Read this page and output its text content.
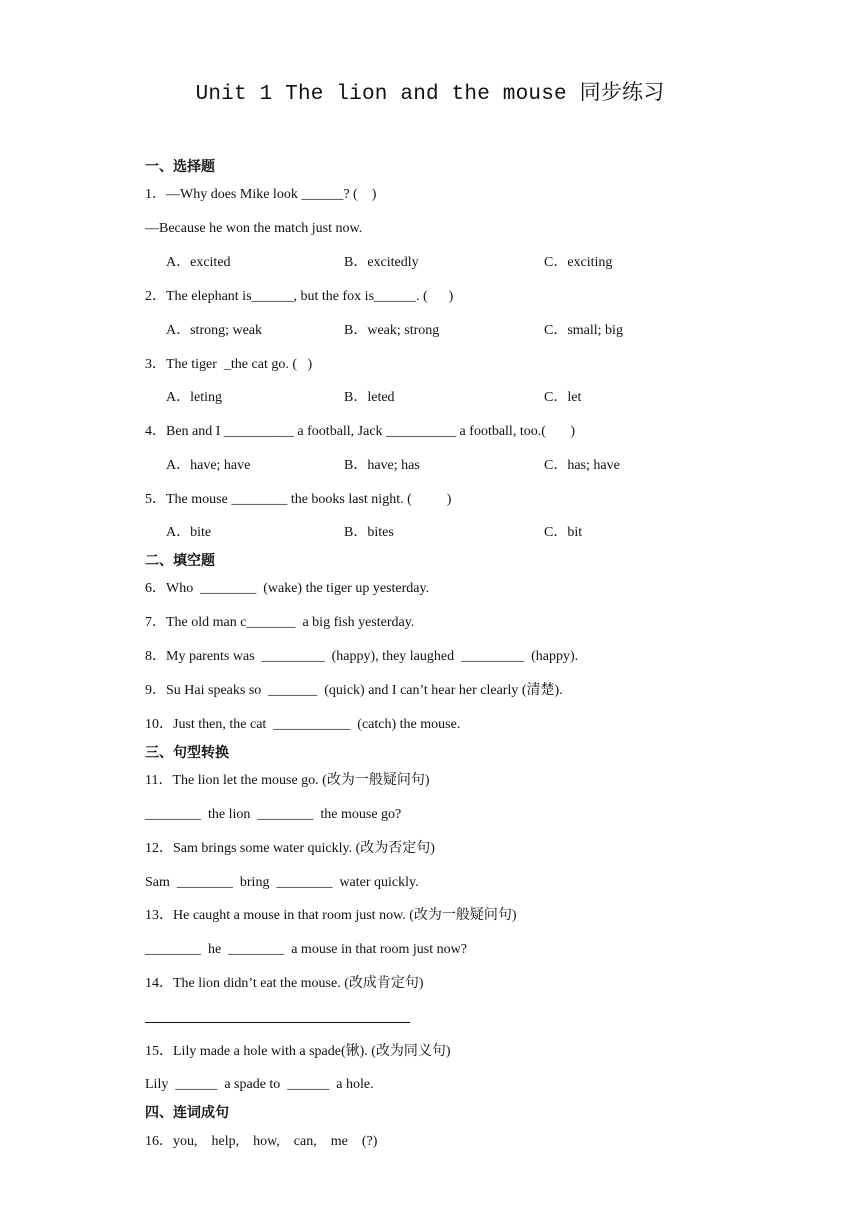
Unit 1 The lion and the mouse 同步练习
一、选择题
1．—Why does Mike look ______? (    )
—Because he won the match just now.
A．excited	B．excitedly	C．exciting
2．The elephant is______, but the fox is______. (      )
A．strong; weak	B．weak; strong	C．small; big
3．The tiger  _the cat go. (   )
A．leting	B．leted	C．let
4．Ben and I __________ a football, Jack __________ a football, too.(       )
A．have; have	B．have; has	C．has; have
5．The mouse ________ the books last night. (          )
A．bite	B．bites	C．bit
二、填空题
6．Who  ________  (wake) the tiger up yesterday.
7．The old man c_______  a big fish yesterday.
8．My parents was  _________  (happy), they laughed  _________  (happy).
9．Su Hai speaks so  _______  (quick) and I can’t hear her clearly (清楚).
10．Just then, the cat  ___________  (catch) the mouse.
三、句型转换
11．The lion let the mouse go. (改为一般疑问句)
________  the lion  ________  the mouse go?
12．Sam brings some water quickly. (改为否定句)
Sam  ________  bring  ________  water quickly.
13．He caught a mouse in that room just now. (改为一般疑问句)
________  he  ________  a mouse in that room just now?
14．The lion didn’t eat the mouse. (改成肯定句)
15．Lily made a hole with a spade(锹). (改为同义句)
Lily  ______  a spade to  ______  a hole.
四、连词成句
16．you,    help,    how,    can,    me    (?)
